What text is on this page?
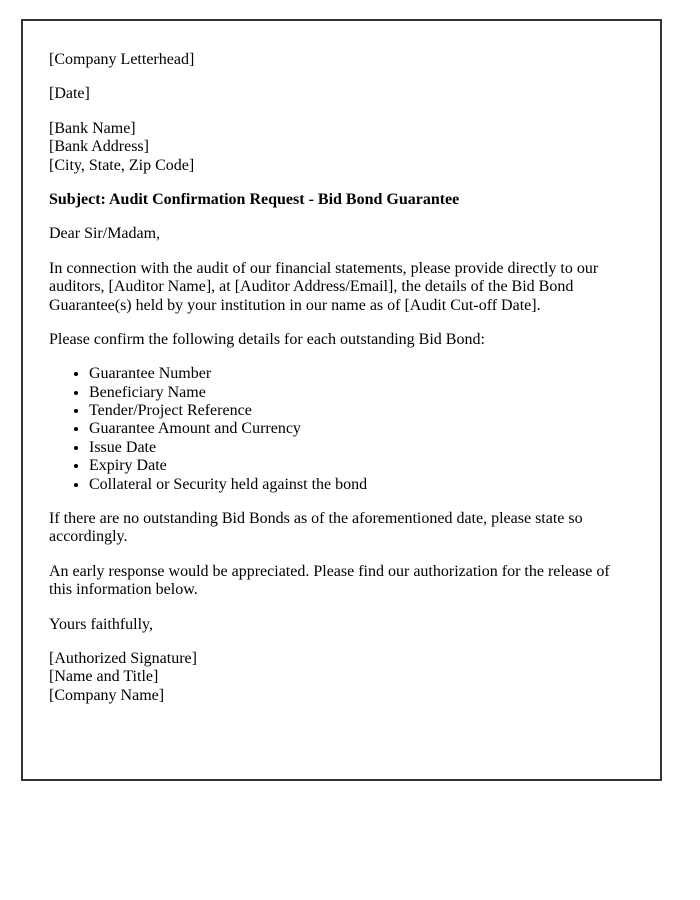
[Company Letterhead]

[Date]

[Bank Name]
[Bank Address]
[City, State, Zip Code]

Subject: Audit Confirmation Request - Bid Bond Guarantee

Dear Sir/Madam,

In connection with the audit of our financial statements, please provide directly to our auditors, [Auditor Name], at [Auditor Address/Email], the details of the Bid Bond Guarantee(s) held by your institution in our name as of [Audit Cut-off Date].

Please confirm the following details for each outstanding Bid Bond:

• Guarantee Number
• Beneficiary Name
• Tender/Project Reference
• Guarantee Amount and Currency
• Issue Date
• Expiry Date
• Collateral or Security held against the bond

If there are no outstanding Bid Bonds as of the aforementioned date, please state so accordingly.

An early response would be appreciated. Please find our authorization for the release of this information below.

Yours faithfully,

[Authorized Signature]
[Name and Title]
[Company Name]
